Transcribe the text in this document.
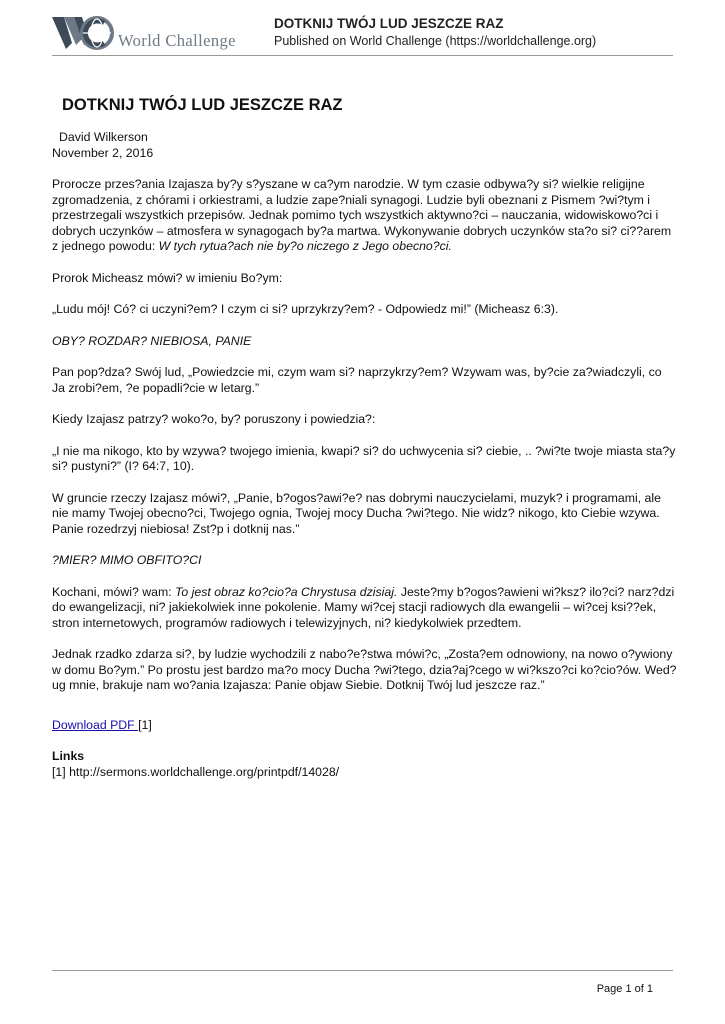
World Challenge
DOTKNIJ TWÓJ LUD JESZCZE RAZ
Published on World Challenge (https://worldchallenge.org)
DOTKNIJ TWÓJ LUD JESZCZE RAZ

David Wilkerson
November 2, 2016

Prorocze przes?ania Izajasza by?y s?yszane w ca?ym narodzie. W tym czasie odbywa?y si? wielkie religijne zgromadzenia, z chórami i orkiestrami, a ludzie zape?niali synagogi. Ludzie byli obeznani z Pismem ?wi?tym i przestrzegali wszystkich przepisów. Jednak pomimo tych wszystkich aktywno?ci – nauczania, widowiskowo?ci i dobrych uczynków – atmosfera w synagogach by?a martwa. Wykonywanie dobrych uczynków sta?o si? ci??arem z jednego powodu: W tych rytua?ach nie by?o niczego z Jego obecno?ci.

Prorok Micheasz mówi? w imieniu Bo?ym:

„Ludu mój! Có? ci uczyni?em? I czym ci si? uprzykrzy?em? - Odpowiedz mi!” (Micheasz 6:3).

OBY? ROZDAR? NIEBIOSA, PANIE

Pan pop?dza? Swój lud, „Powiedzcie mi, czym wam si? naprzykrzy?em? Wzywam was, by?cie za?wiadczyli, co Ja zrobi?em, ?e popadli?cie w letarg.”

Kiedy Izajasz patrzy? woko?o, by? poruszony i powiedzia?:

„I nie ma nikogo, kto by wzywa? twojego imienia, kwapi? si? do uchwycenia si? ciebie, .. ?wi?te twoje miasta sta?y si? pustyni?” (I? 64:7, 10).

W gruncie rzeczy Izajasz mówi?, „Panie, b?ogos?awi?e? nas dobrymi nauczycielami, muzyk? i programami, ale nie mamy Twojej obecno?ci, Twojego ognia, Twojej mocy Ducha ?wi?tego. Nie widz? nikogo, kto Ciebie wzywa. Panie rozedrzyj niebiosa! Zst?p i dotknij nas.”

?MIER? MIMO OBFITO?CI

Kochani, mówi? wam: To jest obraz ko?cio?a Chrystusa dzisiaj. Jeste?my b?ogos?awieni wi?ksz? ilo?ci? narz?dzi do ewangelizacji, ni? jakiekolwiek inne pokolenie. Mamy wi?cej stacji radiowych dla ewangelii – wi?cej ksi??ek, stron internetowych, programów radiowych i telewizyjnych, ni? kiedykolwiek przedtem.

Jednak rzadko zdarza si?, by ludzie wychodzili z nabo?e?stwa mówi?c, „Zosta?em odnowiony, na nowo o?ywiony w domu Bo?ym.” Po prostu jest bardzo ma?o mocy Ducha ?wi?tego, dzia?aj?cego w wi?kszo?ci ko?cio?ów. Wed?ug mnie, brakuje nam wo?ania Izajasza: Panie objaw Siebie. Dotknij Twój lud jeszcze raz.”

Download PDF [1]

Links

[1] http://sermons.worldchallenge.org/printpdf/14028/

Page 1 of 1
